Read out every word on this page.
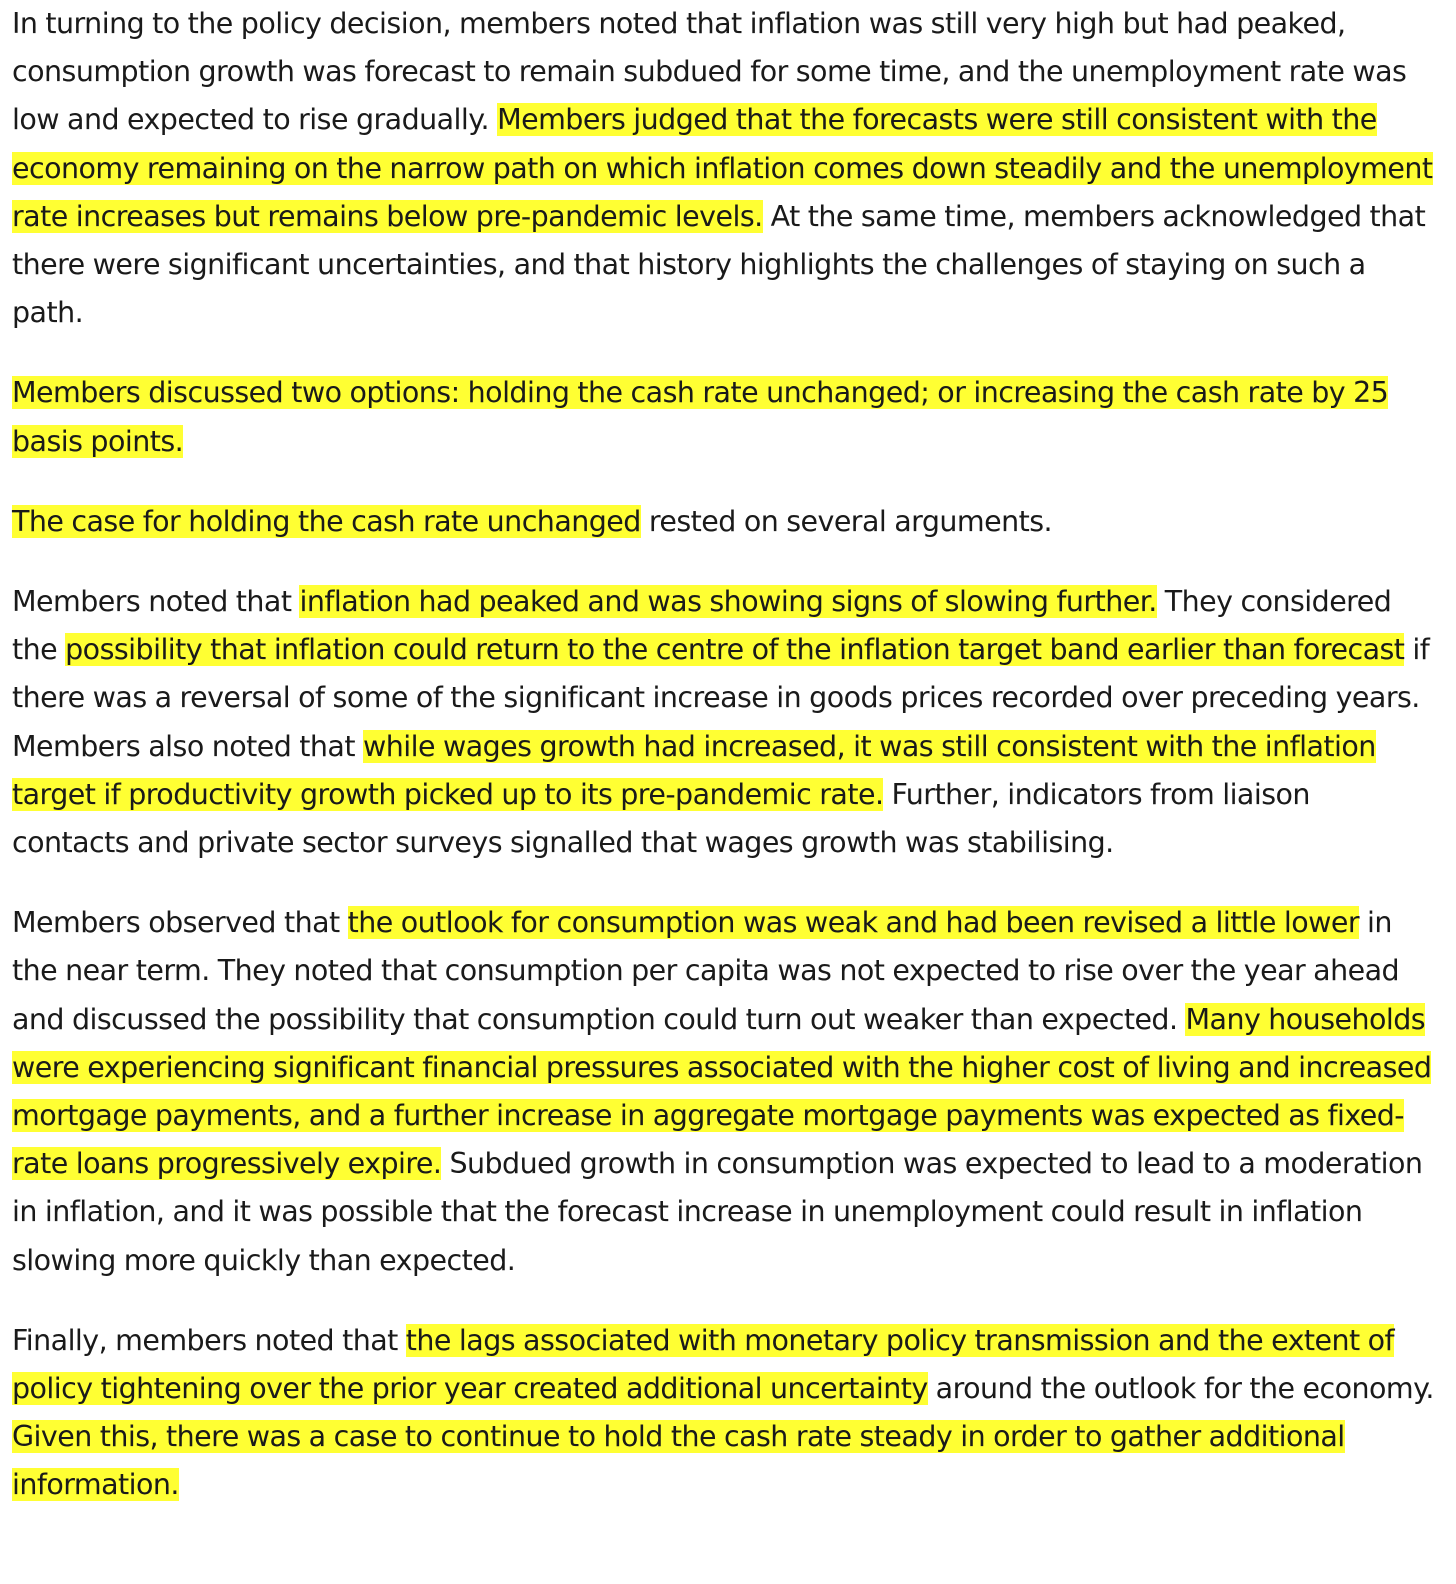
In turning to the policy decision, members noted that inflation was still very high but had peaked, consumption growth was forecast to remain subdued for some time, and the unemployment rate was low and expected to rise gradually. Members judged that the forecasts were still consistent with the economy remaining on the narrow path on which inflation comes down steadily and the unemployment rate increases but remains below pre-pandemic levels. At the same time, members acknowledged that there were significant uncertainties, and that history highlights the challenges of staying on such a path.

Members discussed two options: holding the cash rate unchanged; or increasing the cash rate by 25 basis points.

The case for holding the cash rate unchanged rested on several arguments.

Members noted that inflation had peaked and was showing signs of slowing further. They considered the possibility that inflation could return to the centre of the inflation target band earlier than forecast if there was a reversal of some of the significant increase in goods prices recorded over preceding years. Members also noted that while wages growth had increased, it was still consistent with the inflation target if productivity growth picked up to its pre-pandemic rate. Further, indicators from liaison contacts and private sector surveys signalled that wages growth was stabilising.

Members observed that the outlook for consumption was weak and had been revised a little lower in the near term. They noted that consumption per capita was not expected to rise over the year ahead and discussed the possibility that consumption could turn out weaker than expected. Many households were experiencing significant financial pressures associated with the higher cost of living and increased mortgage payments, and a further increase in aggregate mortgage payments was expected as fixed-rate loans progressively expire. Subdued growth in consumption was expected to lead to a moderation in inflation, and it was possible that the forecast increase in unemployment could result in inflation slowing more quickly than expected.

Finally, members noted that the lags associated with monetary policy transmission and the extent of policy tightening over the prior year created additional uncertainty around the outlook for the economy. Given this, there was a case to continue to hold the cash rate steady in order to gather additional information.
